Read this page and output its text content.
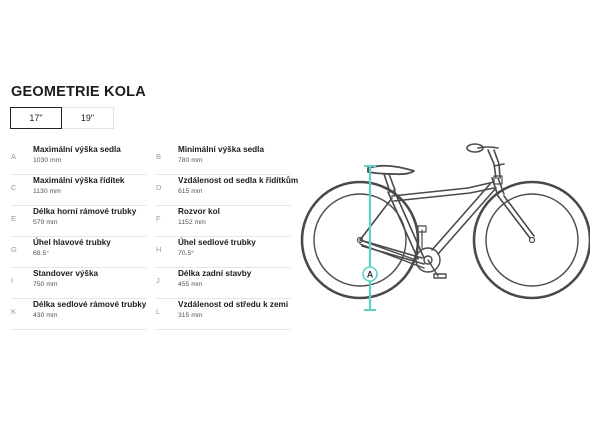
GEOMETRIE KOLA
17"	19"
A
Maximální výška sedla
1030 mm
C
Maximální výška řídítek
1130 mm
E
Délka horní rámové trubky
579 mm
G
Úhel hlavové trubky
68.5°
I
Standover výška
750 mm
K
Délka sedlové rámové trubky
430 mm
B
Minimální výška sedla
780 mm
D
Vzdálenost od sedla k řídítkům
615 mm
F
Rozvor kol
1152 mm
H
Úhel sedlové trubky
70.5°
J
Délka zadní stavby
455 mm
L
Vzdálenost od středu k zemi
315 mm
A
